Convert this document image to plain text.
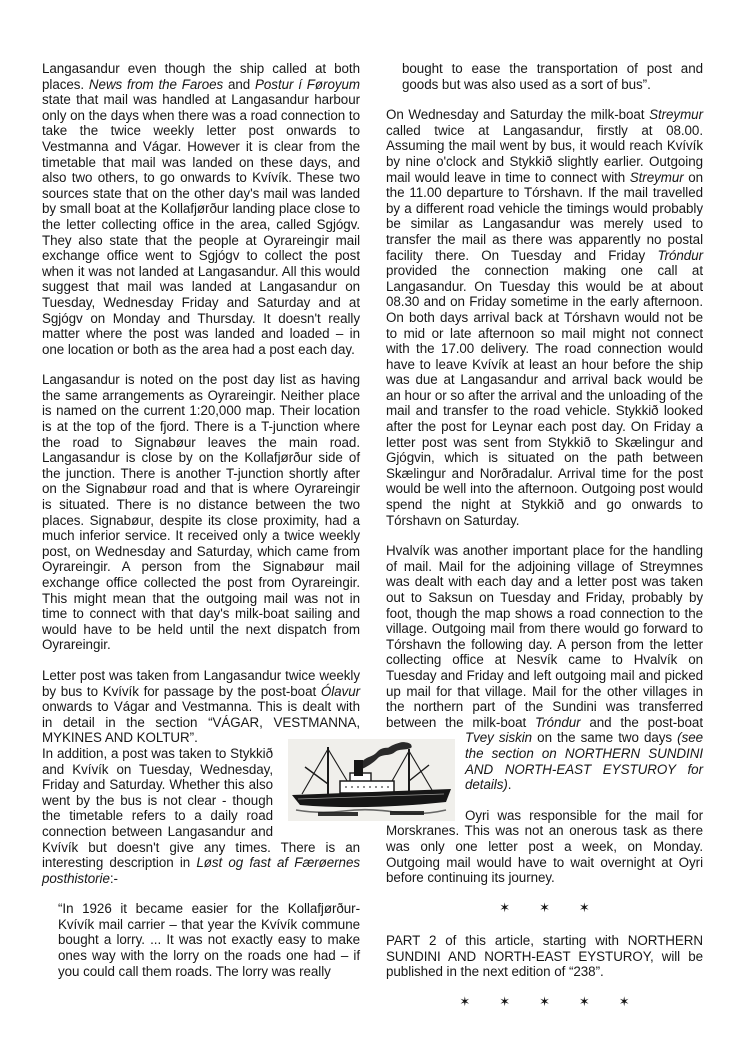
Langasandur even though the ship called at both places. News from the Faroes and Postur í Føroyum state that mail was handled at Langasandur harbour only on the days when there was a road connection to take the twice weekly letter post onwards to Vestmanna and Vágar. However it is clear from the timetable that mail was landed on these days, and also two others, to go onwards to Kvívík. These two sources state that on the other day's mail was landed by small boat at the Kollafjørður landing place close to the letter collecting office in the area, called Sgjógv. They also state that the people at Oyrareingir mail exchange office went to Sgjógv to collect the post when it was not landed at Langasandur. All this would suggest that mail was landed at Langasandur on Tuesday, Wednesday Friday and Saturday and at Sgjógv on Monday and Thursday. It doesn't really matter where the post was landed and loaded – in one location or both as the area had a post each day.

Langasandur is noted on the post day list as having the same arrangements as Oyrareingir. Neither place is named on the current 1:20,000 map. Their location is at the top of the fjord. There is a T-junction where the road to Signabøur leaves the main road. Langasandur is close by on the Kollafjørður side of the junction. There is another T-junction shortly after on the Signabøur road and that is where Oyrareingir is situated. There is no distance between the two places. Signabøur, despite its close proximity, had a much inferior service. It received only a twice weekly post, on Wednesday and Saturday, which came from Oyrareingir. A person from the Signabøur mail exchange office collected the post from Oyrareingir. This might mean that the outgoing mail was not in time to connect with that day's milk-boat sailing and would have to be held until the next dispatch from Oyrareingir.

Letter post was taken from Langasandur twice weekly by bus to Kvívík for passage by the post-boat Ólavur onwards to Vágar and Vestmanna. This is dealt with in detail in the section “VÁGAR, VESTMANNA, MYKINES AND KOLTUR”.

In addition, a post was taken to Stykkið and Kvívík on Tuesday, Wednesday, Friday and Saturday. Whether this also went by the bus is not clear - though the timetable refers to a daily road connection between Langasandur and Kvívík but doesn't give any times. There is an interesting description in Løst og fast af Færøernes posthistorie:-

“In 1926 it became easier for the Kollafjørður-Kvívík mail carrier – that year the Kvívík commune bought a lorry. ... It was not exactly easy to make ones way with the lorry on the roads one had – if you could call them roads. The lorry was really

bought to ease the transportation of post and goods but was also used as a sort of bus”.

On Wednesday and Saturday the milk-boat Streymur called twice at Langasandur, firstly at 08.00. Assuming the mail went by bus, it would reach Kvívík by nine o'clock and Stykkið slightly earlier. Outgoing mail would leave in time to connect with Streymur on the 11.00 departure to Tórshavn. If the mail travelled by a different road vehicle the timings would probably be similar as Langasandur was merely used to transfer the mail as there was apparently no postal facility there. On Tuesday and Friday Tróndur provided the connection making one call at Langasandur. On Tuesday this would be at about 08.30 and on Friday sometime in the early afternoon. On both days arrival back at Tórshavn would not be to mid or late afternoon so mail might not connect with the 17.00 delivery. The road connection would have to leave Kvívík at least an hour before the ship was due at Langasandur and arrival back would be an hour or so after the arrival and the unloading of the mail and transfer to the road vehicle. Stykkið looked after the post for Leynar each post day. On Friday a letter post was sent from Stykkið to Skælingur and Gjógvin, which is situated on the path between Skælingur and Norðradalur. Arrival time for the post would be well into the afternoon. Outgoing post would spend the night at Stykkið and go onwards to Tórshavn on Saturday.

Hvalvík was another important place for the handling of mail. Mail for the adjoining village of Streymnes was dealt with each day and a letter post was taken out to Saksun on Tuesday and Friday, probably by foot, though the map shows a road connection to the village. Outgoing mail from there would go forward to Tórshavn the following day. A person from the letter collecting office at Nesvík came to Hvalvík on Tuesday and Friday and left outgoing mail and picked up mail for that village. Mail for the other villages in the northern part of the Sundini was transferred between the milk-boat Tróndur and the post-boat
Tvey siskin on the same two days (see the section on NORTHERN SUNDINI AND NORTH-EAST EYSTUROY for details).

Oyri was responsible for the mail for Morskranes. This was not an onerous task as there was only one letter post a week, on Monday. Outgoing mail would have to wait overnight at Oyri before continuing its journey.

✶ ✶ ✶

PART 2 of this article, starting with NORTHERN SUNDINI AND NORTH-EAST EYSTUROY, will be published in the next edition of “238”.

✶ ✶ ✶ ✶ ✶
